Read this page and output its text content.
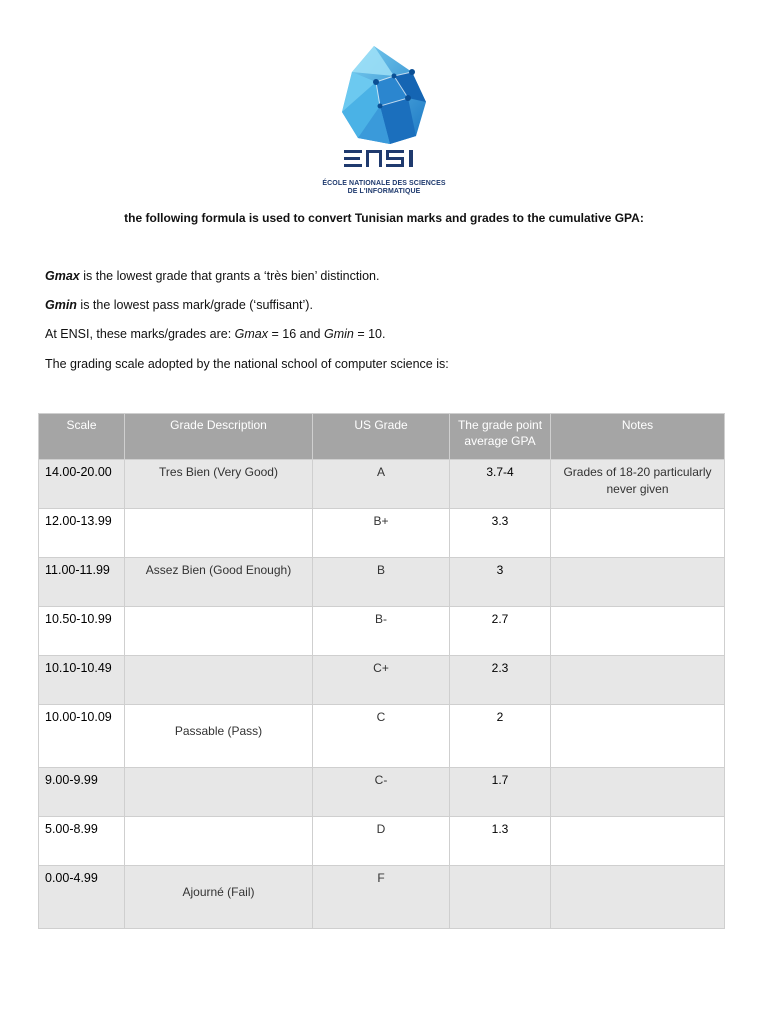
ÉCOLE NATIONALE DES SCIENCES
DE L'INFORMATIQUE
the following formula is used to convert Tunisian marks and grades to the cumulative GPA:
Gmax is the lowest grade that grants a ‘très bien’ distinction.
Gmin is the lowest pass mark/grade (‘suffisant’).
At ENSI, these marks/grades are: Gmax = 16 and Gmin = 10.
The grading scale adopted by the national school of computer science is:
Scale	Grade Description	US Grade	The grade point average GPA	Notes
14.00-20.00	Tres Bien (Very Good)	A	3.7-4	Grades of 18-20 particularly never given
12.00-13.99		B+	3.3	
11.00-11.99	Assez Bien (Good Enough)	B	3	
10.50-10.99		B-	2.7	
10.10-10.49		C+	2.3	
10.00-10.09	Passable (Pass)	C	2	
9.00-9.99		C-	1.7	
5.00-8.99		D	1.3	
0.00-4.99	Ajourné (Fail)	F		
